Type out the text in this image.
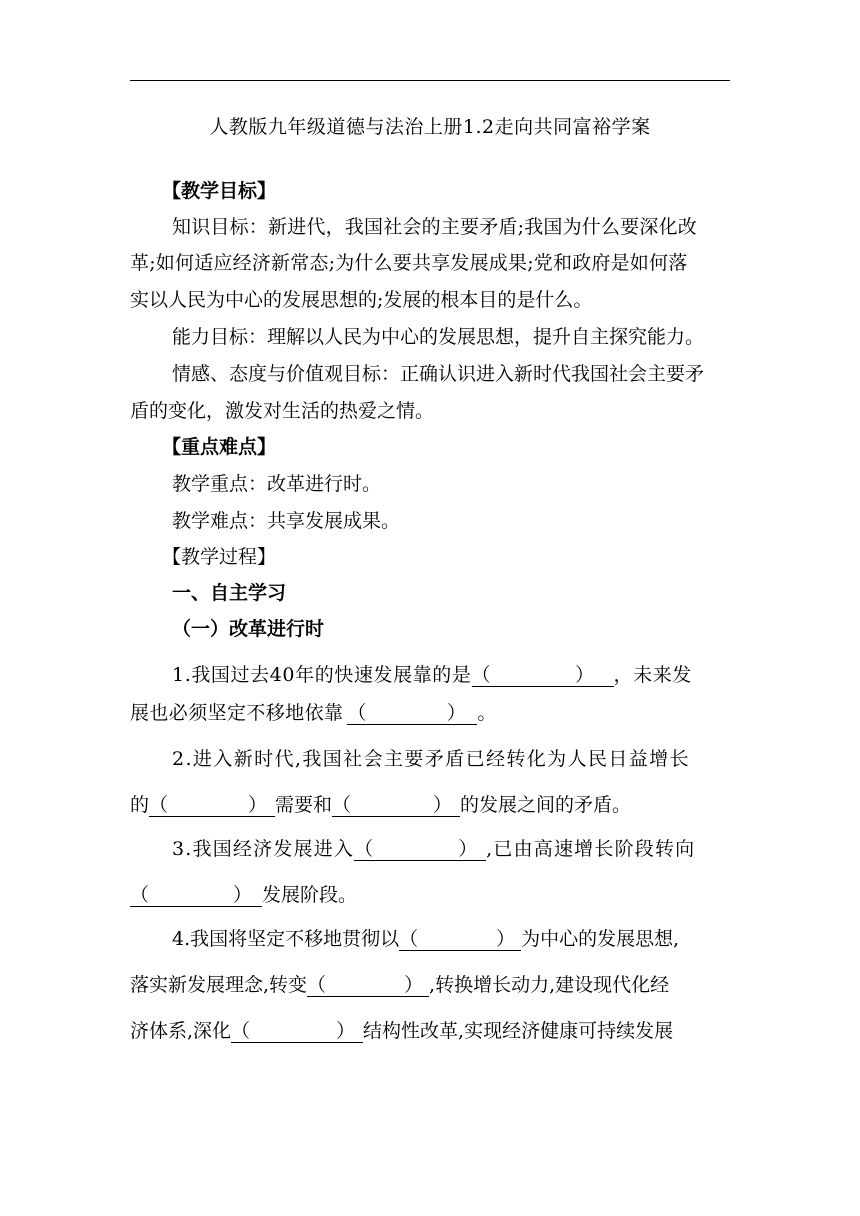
人教版九年级道德与法治上册1.2走向共同富裕学案
【教学目标】
知识目标：新进代，我国社会的主要矛盾;我国为什么要深化改
革;如何适应经济新常态;为什么要共享发展成果;党和政府是如何落
实以人民为中心的发展思想的;发展的根本目的是什么。
能力目标：理解以人民为中心的发展思想，提升自主探究能力。
情感、态度与价值观目标：正确认识进入新时代我国社会主要矛
盾的变化，激发对生活的热爱之情。
【重点难点】
教学重点：改革进行时。
教学难点：共享发展成果。
【教学过程】
一、自主学习
（一）改革进行时
1.我国过去40年的快速发展靠的是（	） ，未来发
展也必须坚定不移地依靠 （	） 。
2.进入新时代,我国社会主要矛盾已经转化为人民日益增长
的（	） 需要和（	） 的发展之间的矛盾。
3.我国经济发展进入（	） ,已由高速增长阶段转向
（	） 发展阶段。
4.我国将坚定不移地贯彻以（	） 为中心的发展思想,
落实新发展理念,转变（	） ,转换增长动力,建设现代化经
济体系,深化（	） 结构性改革,实现经济健康可持续发展
